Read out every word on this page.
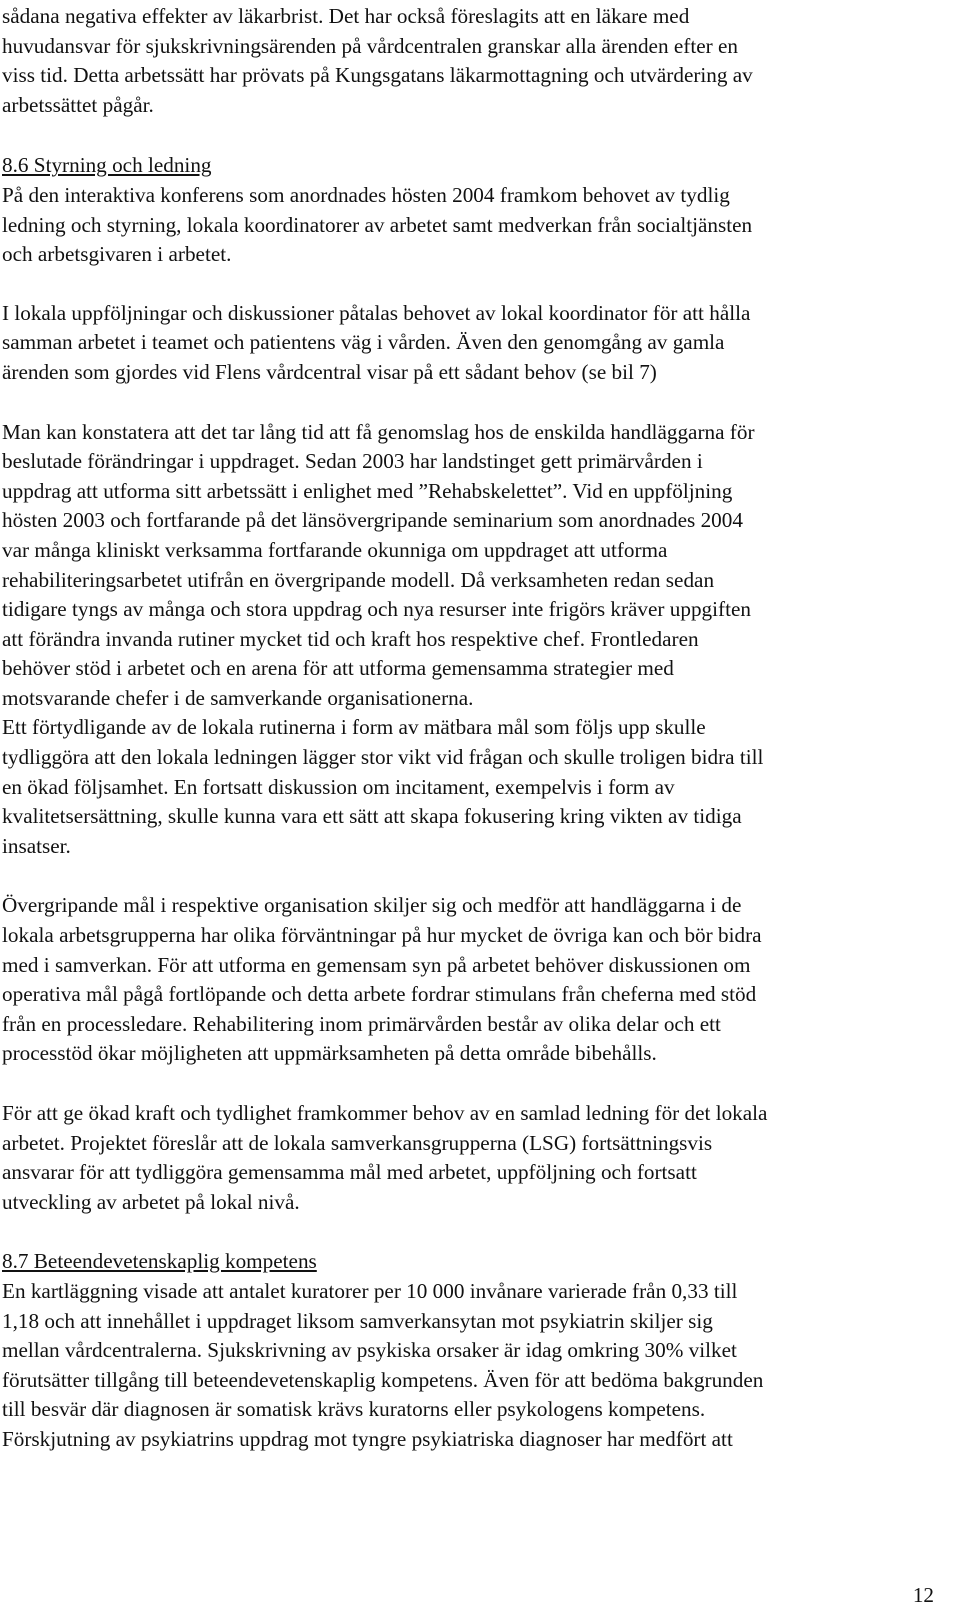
sådana negativa effekter av läkarbrist. Det har också föreslagits att en läkare med
huvudansvar för sjukskrivningsärenden på vårdcentralen granskar alla ärenden efter en
viss tid. Detta arbetssätt har prövats på Kungsgatans läkarmottagning och utvärdering av
arbetssättet pågår.

8.6 Styrning och ledning
På den interaktiva konferens som anordnades hösten 2004 framkom behovet av tydlig
ledning och styrning, lokala koordinatorer av arbetet samt medverkan från socialtjänsten
och arbetsgivaren i arbetet.

I lokala uppföljningar och diskussioner påtalas behovet av lokal koordinator för att hålla
samman arbetet i teamet och patientens väg i vården. Även den genomgång av gamla
ärenden som gjordes vid Flens vårdcentral visar på ett sådant behov (se bil 7)

Man kan konstatera att det tar lång tid att få genomslag hos de enskilda handläggarna för
beslutade förändringar i uppdraget. Sedan 2003 har landstinget gett primärvården i
uppdrag att utforma sitt arbetssätt i enlighet med ”Rehabskelettet”. Vid en uppföljning
hösten 2003 och fortfarande på det länsövergripande seminarium som anordnades 2004
var många kliniskt verksamma fortfarande okunniga om uppdraget att utforma
rehabiliteringsarbetet utifrån en övergripande modell. Då verksamheten redan sedan
tidigare tyngs av många och stora uppdrag och nya resurser inte frigörs kräver uppgiften
att förändra invanda rutiner mycket tid och kraft hos respektive chef. Frontledaren
behöver stöd i arbetet och en arena för att utforma gemensamma strategier med
motsvarande chefer i de samverkande organisationerna.

Ett förtydligande av de lokala rutinerna i form av mätbara mål som följs upp skulle
tydliggöra att den lokala ledningen lägger stor vikt vid frågan och skulle troligen bidra till
en ökad följsamhet. En fortsatt diskussion om incitament, exempelvis i form av
kvalitetsersättning, skulle kunna vara ett sätt att skapa fokusering kring vikten av tidiga
insatser.

Övergripande mål i respektive organisation skiljer sig och medför att handläggarna i de
lokala arbetsgrupperna har olika förväntningar på hur mycket de övriga kan och bör bidra
med i samverkan. För att utforma en gemensam syn på arbetet behöver diskussionen om
operativa mål pågå fortlöpande och detta arbete fordrar stimulans från cheferna med stöd
från en processledare. Rehabilitering inom primärvården består av olika delar och ett
processtöd ökar möjligheten att uppmärksamheten på detta område bibehålls.

För att ge ökad kraft och tydlighet framkommer behov av en samlad ledning för det lokala
arbetet. Projektet föreslår att de lokala samverkansgrupperna (LSG) fortsättningsvis
ansvarar för att tydliggöra gemensamma mål med arbetet, uppföljning och fortsatt
utveckling av arbetet på lokal nivå.

8.7 Beteendevetenskaplig kompetens
En kartläggning visade att antalet kuratorer per 10 000 invånare varierade från 0,33 till
1,18 och att innehållet i uppdraget liksom samverkansytan mot psykiatrin skiljer sig
mellan vårdcentralerna. Sjukskrivning av psykiska orsaker är idag omkring 30% vilket
förutsätter tillgång till beteendevetenskaplig kompetens. Även för att bedöma bakgrunden
till besvär där diagnosen är somatisk krävs kuratorns eller psykologens kompetens.
Förskjutning av psykiatrins uppdrag mot tyngre psykiatriska diagnoser har medfört att
12
